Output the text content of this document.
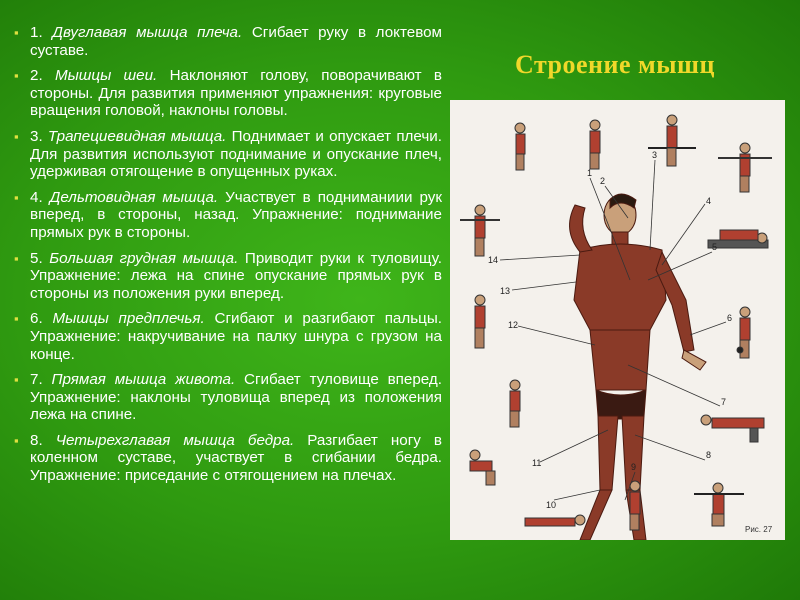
▪ 1. Двуглавая мышца плеча. Сгибает руку в локтевом суставе.
▪ 2. Мышцы шеи. Наклоняют голову, поворачивают в стороны. Для развития применяют упражнения: круговые вращения головой, наклоны головы.
▪ 3. Трапециевидная мышца. Поднимает и опускает плечи. Для развития используют поднимание и опускание плеч, удерживая отягощение в опущенных руках.
▪ 4. Дельтовидная мышца. Участвует в подниманиии рук вперед, в стороны, назад. Упражнение: поднимание прямых рук в стороны.
▪ 5. Большая грудная мышца. Приводит руки к туловищу. Упражнение: лежа на спине опускание прямых рук в стороны из положения руки вперед.
▪ 6. Мышцы предплечья. Сгибают и разгибают пальцы. Упражнение: накручивание на палку шнура с грузом на конце.
▪ 7. Прямая мышца живота. Сгибает туловище вперед. Упражнение: наклоны туловища вперед из положения лежа на спине.
▪ 8. Четырехглавая мышца бедра. Разгибает ногу в коленном суставе, участвует в сгибании бедра. Упражнение: приседание с отягощением на плечах.
Строение мышц
1
2
3
4
5
6
7
8
9
10
11
12
13
14
Рис. 27
